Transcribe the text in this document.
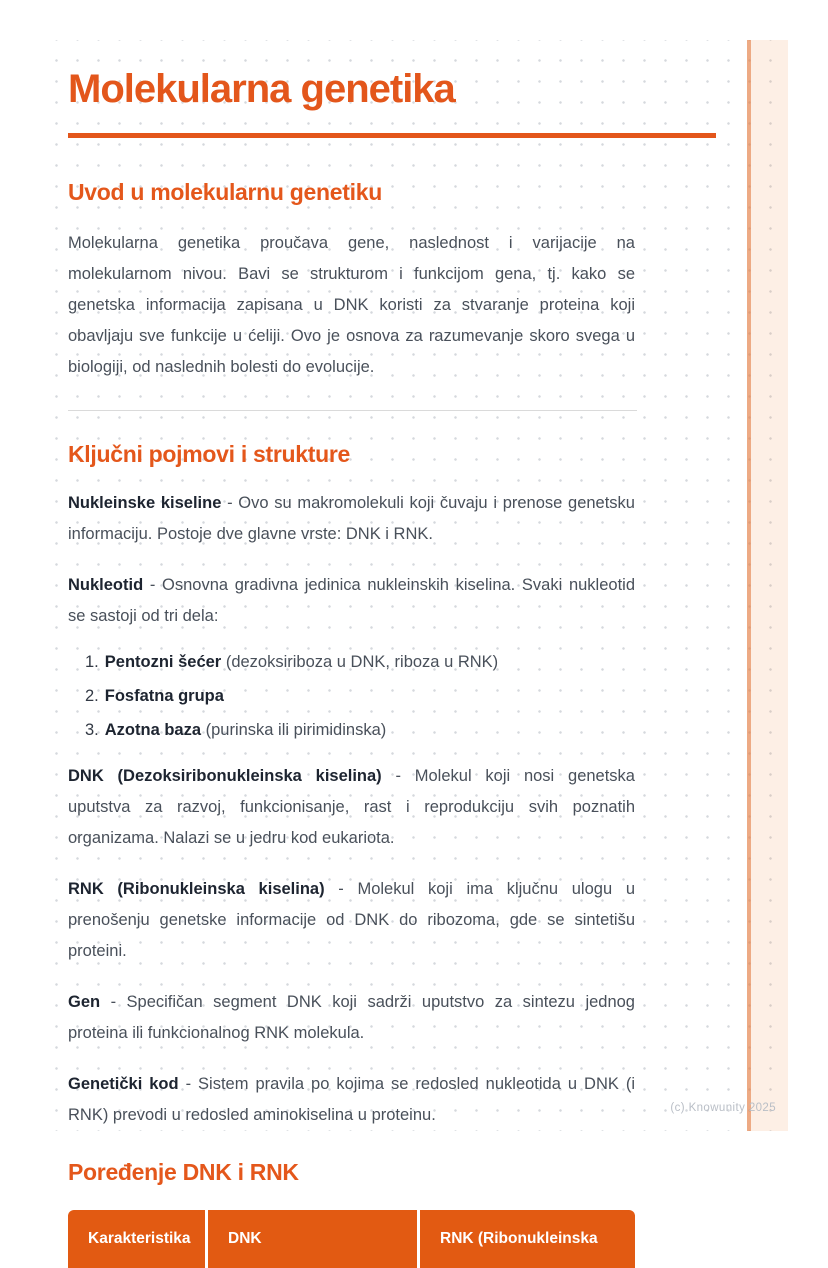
Molekularna genetika
Uvod u molekularnu genetiku

Molekularna genetika proučava gene, naslednost i varijacije na molekularnom nivou. Bavi se strukturom i funkcijom gena, tj. kako se genetska informacija zapisana u DNK koristi za stvaranje proteina koji obavljaju sve funkcije u ćeliji. Ovo je osnova za razumevanje skoro svega u biologiji, od naslednih bolesti do evolucije.

Ključni pojmovi i strukture

Nukleinske kiseline - Ovo su makromolekuli koji čuvaju i prenose genetsku informaciju. Postoje dve glavne vrste: DNK i RNK.

Nukleotid - Osnovna gradivna jedinica nukleinskih kiselina. Svaki nukleotid se sastoji od tri dela:

1. Pentozni šećer (dezoksiriboza u DNK, riboza u RNK)
2. Fosfatna grupa
3. Azotna baza (purinska ili pirimidinska)

DNK (Dezoksiribonukleinska kiselina) - Molekul koji nosi genetska uputstva za razvoj, funkcionisanje, rast i reprodukciju svih poznatih organizama. Nalazi se u jedru kod eukariota.

RNK (Ribonukleinska kiselina) - Molekul koji ima ključnu ulogu u prenošenju genetske informacije od DNK do ribozoma, gde se sintetišu proteini.

Gen - Specifičan segment DNK koji sadrži uputstvo za sintezu jednog proteina ili funkcionalnog RNK molekula.

Genetički kod - Sistem pravila po kojima se redosled nukleotida u DNK (i RNK) prevodi u redosled aminokiselina u proteinu.

Poređenje DNK i RNK
Karakteristika	DNK	RNK (Ribonukleinska
(c) Knowunity 2025
